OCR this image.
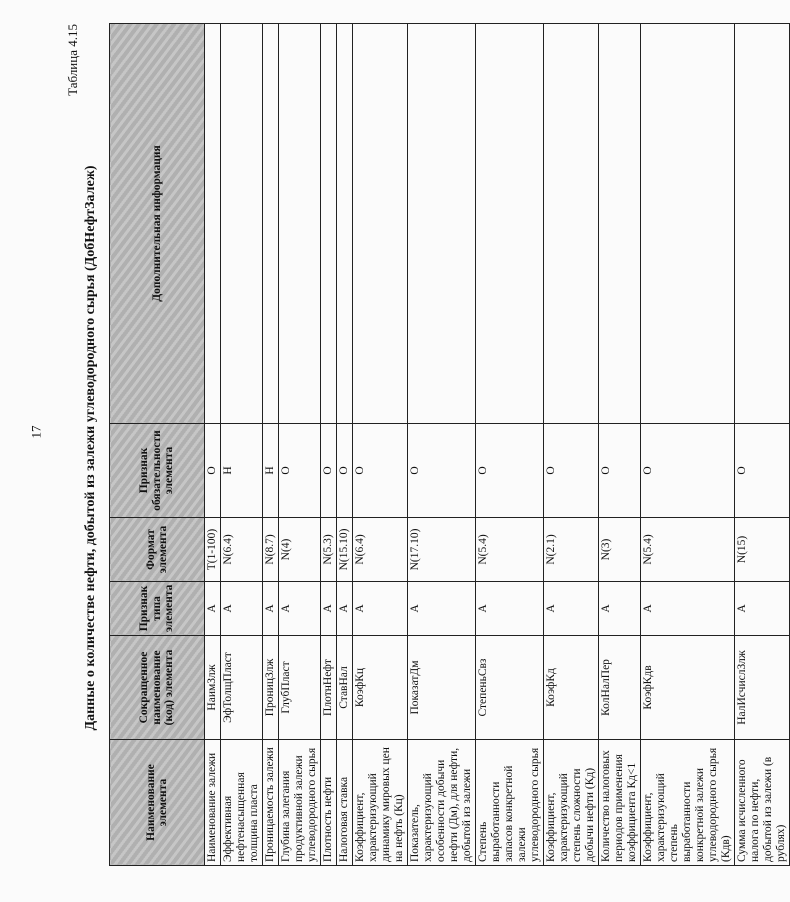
17
Таблица 4.15
Данные о количестве нефти, добытой из залежи углеводородного сырья (ДобНефтЗалеж)
Наименование элемента	Сокращенное наименование (код) элемента	Признак типа элемента	Формат элемента	Признак обязательности элемента	Дополнительная информация
Наименование залежи	НаимЗлж	А	Т(1-100)	О	
Эффективная нефтенасыщенная толщина пласта	ЭфТолщПласт	А	N(6.4)	Н	
Проницаемость залежи	ПроницЗлж	А	N(8.7)	Н	
Глубина залегания продуктивной залежи углеводородного сырья	ГлубПласт	А	N(4)	О	
Плотность нефти	ПлотнНефт	А	N(5.3)	О	
Налоговая ставка	СтавНал	А	N(15.10)	О	
Коэффициент, характеризующий динамику мировых цен на нефть (Кц)	КоэфКц	А	N(6.4)	О	
Показатель, характеризующий особенности добычи нефти (Дм), для нефти, добытой из залежи	ПоказатДм	А	N(17.10)	О	
Степень выработанности запасов конкретной залежи углеводородного сырья	СтепеньСвз	А	N(5.4)	О	
Коэффициент, характеризующий степень сложности добычи нефти (Кд)	КоэфКд	А	N(2.1)	О	
Количество налоговых периодов применения коэффициента Кд<1	КолНалПер	А	N(3)	О	
Коэффициент, характеризующий степень выработанности конкретной залежи углеводородного сырья (Кдв)	КоэфКдв	А	N(5.4)	О	
Сумма исчисленного налога по нефти, добытой из залежи (в рублях)	НалИсчислЗлж	А	N(15)	О	
